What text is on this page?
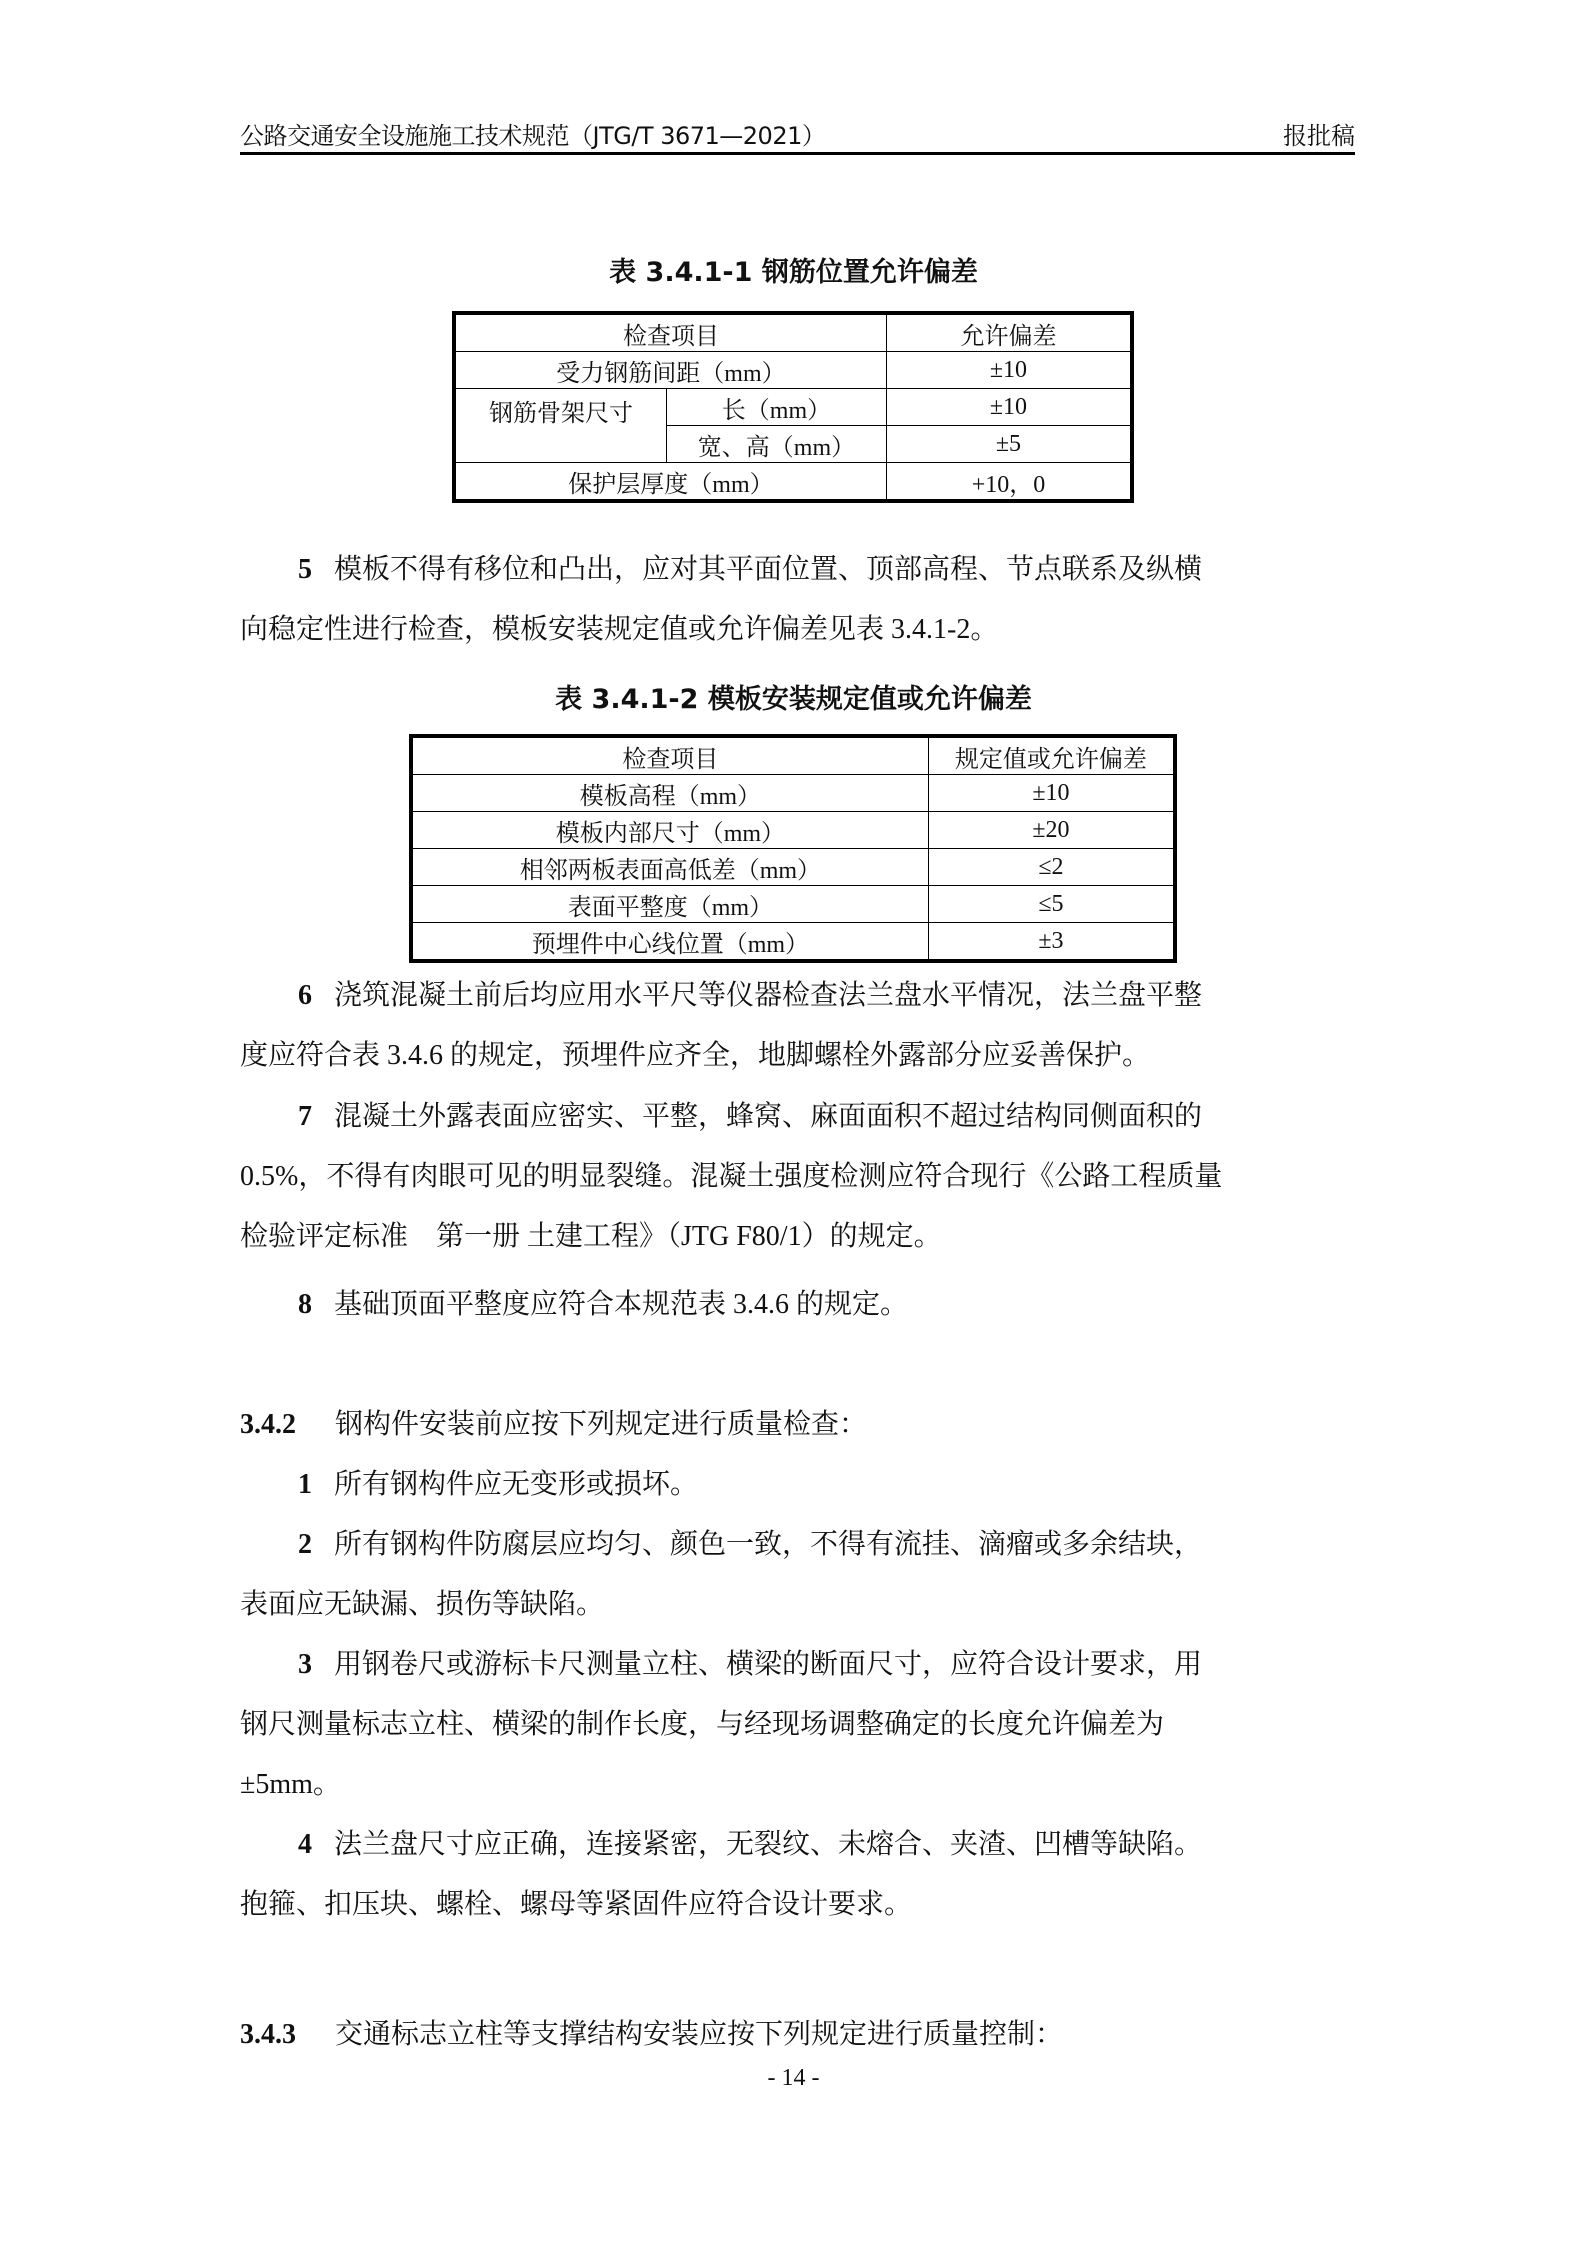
公路交通安全设施施工技术规范（JTG/T 3671—2021）	报批稿
表 3.4.1-1 钢筋位置允许偏差
检查项目		允许偏差
受力钢筋间距（mm）		±10
钢筋骨架尺寸	长（mm）	±10
	宽、高（mm）	±5
保护层厚度（mm）		+10，0
5 模板不得有移位和凸出，应对其平面位置、顶部高程、节点联系及纵横
向稳定性进行检查，模板安装规定值或允许偏差见表 3.4.1-2。
表 3.4.1-2 模板安装规定值或允许偏差
检查项目	规定值或允许偏差
模板高程（mm）	±10
模板内部尺寸（mm）	±20
相邻两板表面高低差（mm）	≤2
表面平整度（mm）	≤5
预埋件中心线位置（mm）	±3
6 浇筑混凝土前后均应用水平尺等仪器检查法兰盘水平情况，法兰盘平整
度应符合表 3.4.6 的规定，预埋件应齐全，地脚螺栓外露部分应妥善保护。
7 混凝土外露表面应密实、平整，蜂窝、麻面面积不超过结构同侧面积的
0.5%，不得有肉眼可见的明显裂缝。混凝土强度检测应符合现行《公路工程质量
检验评定标准　第一册 土建工程》（JTG F80/1）的规定。
8 基础顶面平整度应符合本规范表 3.4.6 的规定。
3.4.2 钢构件安装前应按下列规定进行质量检查：
1 所有钢构件应无变形或损坏。
2 所有钢构件防腐层应均匀、颜色一致，不得有流挂、滴瘤或多余结块，
表面应无缺漏、损伤等缺陷。
3 用钢卷尺或游标卡尺测量立柱、横梁的断面尺寸，应符合设计要求，用
钢尺测量标志立柱、横梁的制作长度，与经现场调整确定的长度允许偏差为
±5mm。
4 法兰盘尺寸应正确，连接紧密，无裂纹、未熔合、夹渣、凹槽等缺陷。
抱箍、扣压块、螺栓、螺母等紧固件应符合设计要求。
3.4.3 交通标志立柱等支撑结构安装应按下列规定进行质量控制：
- 14 -
